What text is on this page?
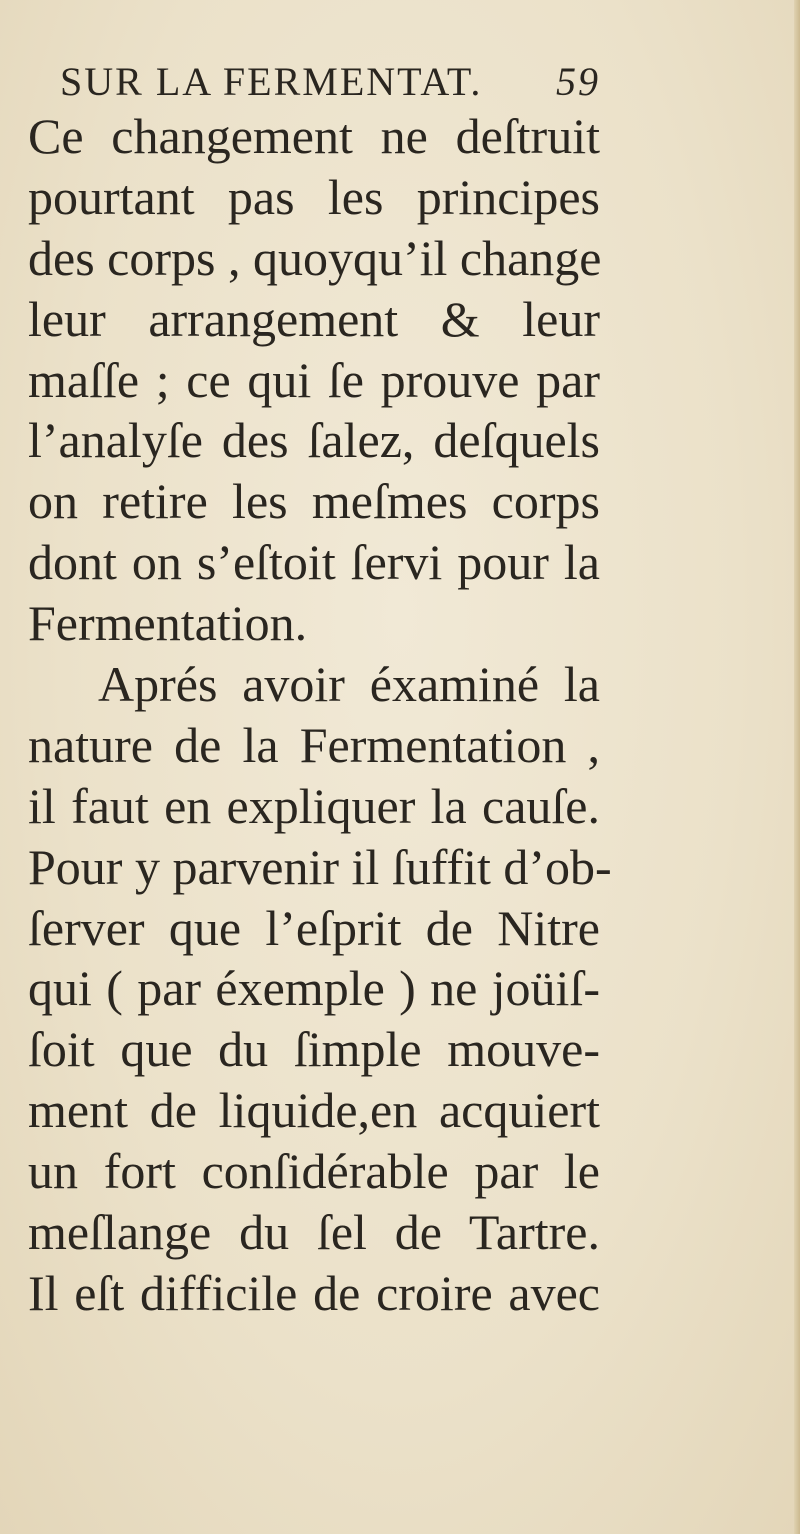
SUR LA FERMENTAT. 59
Ce changement ne deſtruit
pourtant pas les principes
des corps , quoyqu’il change
leur arrangement & leur
maſſe ; ce qui ſe prouve par
l’analyſe des ſalez, deſquels
on retire les meſmes corps
dont on s’eſtoit ſervi pour la
Fermentation.
Aprés avoir éxaminé la
nature de la Fermentation ,
il faut en expliquer la cauſe.
Pour y parvenir il ſuffit d’ob-
ſerver que l’eſprit de Nitre
qui ( par éxemple ) ne joüiſ-
ſoit que du ſimple mouve-
ment de liquide,en acquiert
un fort conſidérable par le
meſlange du ſel de Tartre.
Il eſt difficile de croire avec
